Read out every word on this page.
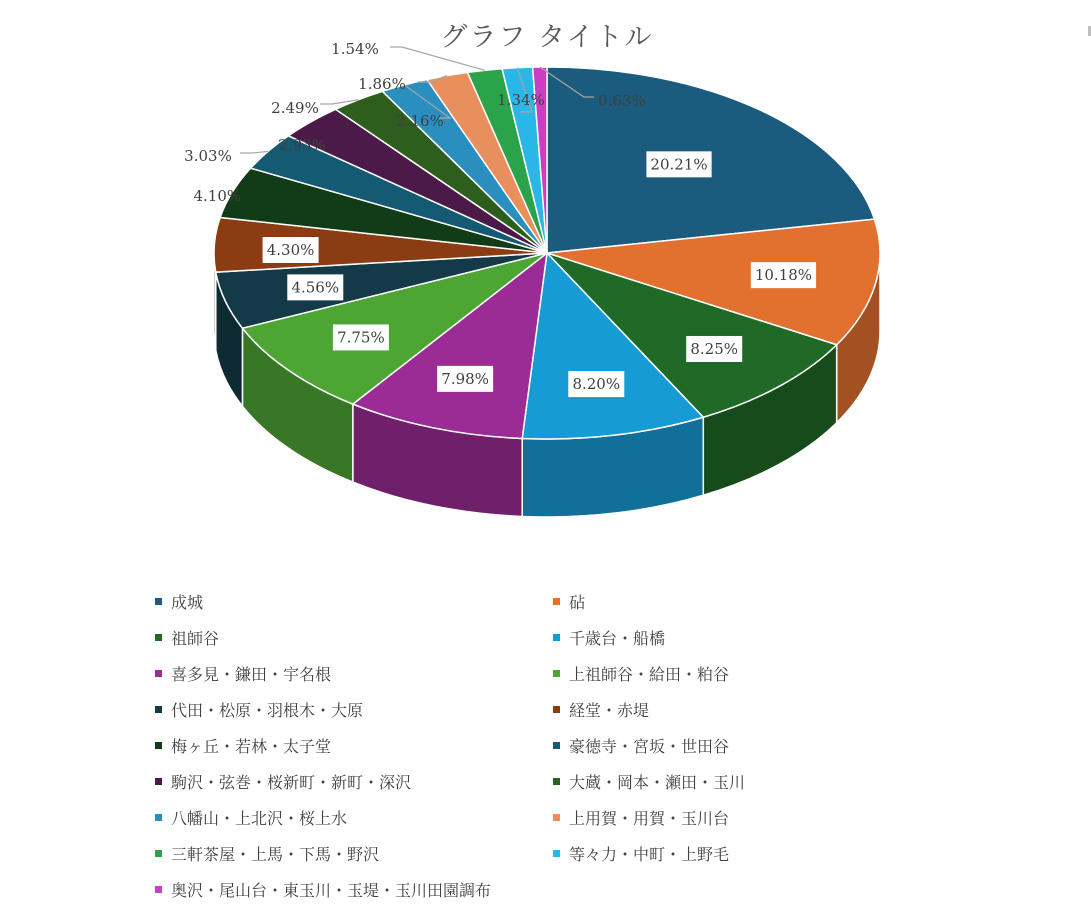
グラフ タイトル
20.21%
10.18%
8.25%
8.20%
7.98%
7.75%
4.56%
4.30%
4.10%
3.03%
2.93%
2.49%
2.16%
1.86%
1.54%
1.34%	0.63%
成城	砧
祖師谷	千歳台・船橋
喜多見・鎌田・宇名根	上祖師谷・給田・粕谷
代田・松原・羽根木・大原	経堂・赤堤
梅ヶ丘・若林・太子堂	豪徳寺・宮坂・世田谷
駒沢・弦巻・桜新町・新町・深沢	大蔵・岡本・瀬田・玉川
八幡山・上北沢・桜上水	上用賀・用賀・玉川台
三軒茶屋・上馬・下馬・野沢	等々力・中町・上野毛
奥沢・尾山台・東玉川・玉堤・玉川田園調布
